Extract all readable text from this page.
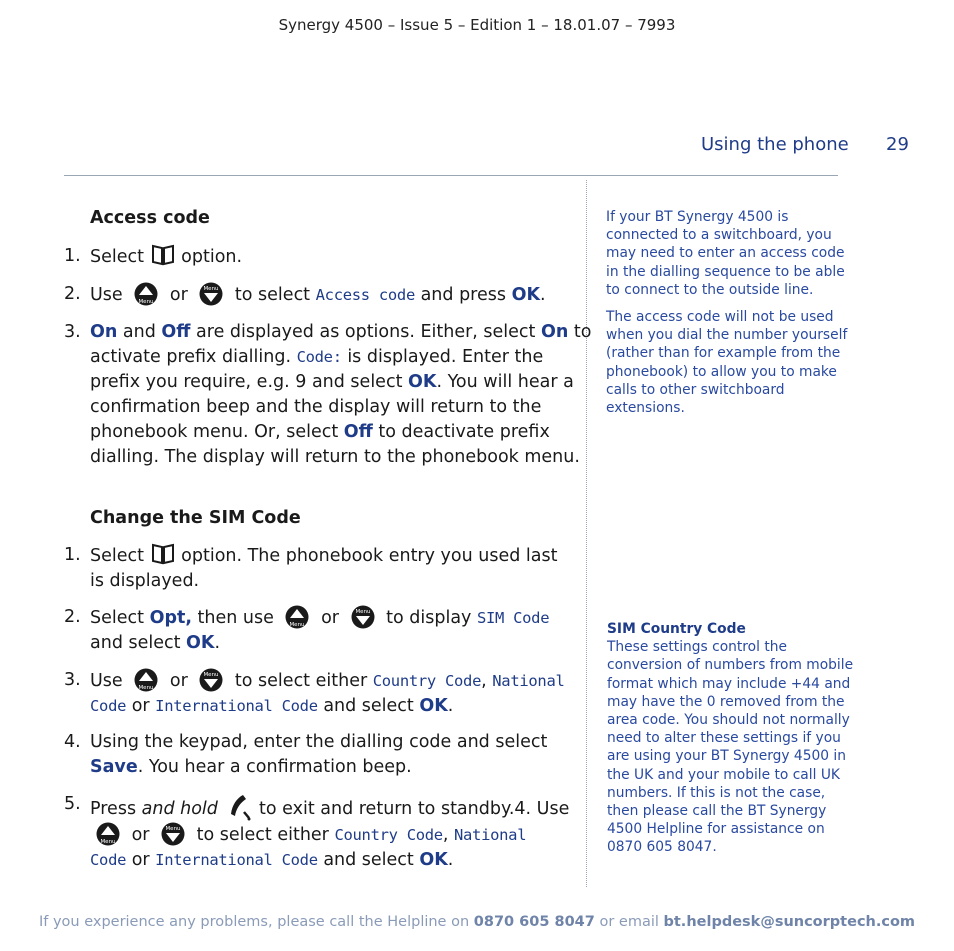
Synergy 4500 – Issue 5 – Edition 1 – 18.01.07 – 7993
Using the phone 29
Access code
1. Select option.
2. Use	or	to select Access code and press OK.
3. On and Off are displayed as options. Either, select On to
activate prefix dialling. Code: is displayed. Enter the
prefix you require, e.g. 9 and select OK. You will hear a
confirmation beep and the display will return to the
phonebook menu. Or, select Off to deactivate prefix
dialling. The display will return to the phonebook menu.
Change the SIM Code
1. Select option. The phonebook entry you used last
is displayed.
2. Select Opt, then use	or	to display SIM Code
and select OK.
3. Use	or	to select either Country Code, National
Code or International Code and select OK.
4. Using the keypad, enter the dialling code and select
Save. You hear a confirmation beep.
5. Press and hold  to exit and return to standby.4. Use
or	to select either Country Code, National
Code or International Code and select OK.
If your BT Synergy 4500 is
connected to a switchboard, you
may need to enter an access code
in the dialling sequence to be able
to connect to the outside line.
The access code will not be used
when you dial the number yourself
(rather than for example from the
phonebook) to allow you to make
calls to other switchboard
extensions.
SIM Country Code
These settings control the
conversion of numbers from mobile
format which may include +44 and
may have the 0 removed from the
area code. You should not normally
need to alter these settings if you
are using your BT Synergy 4500 in
the UK and your mobile to call UK
numbers. If this is not the case,
then please call the BT Synergy
4500 Helpline for assistance on
0870 605 8047.
If you experience any problems, please call the Helpline on 0870 605 8047 or email bt.helpdesk@suncorptech.com
